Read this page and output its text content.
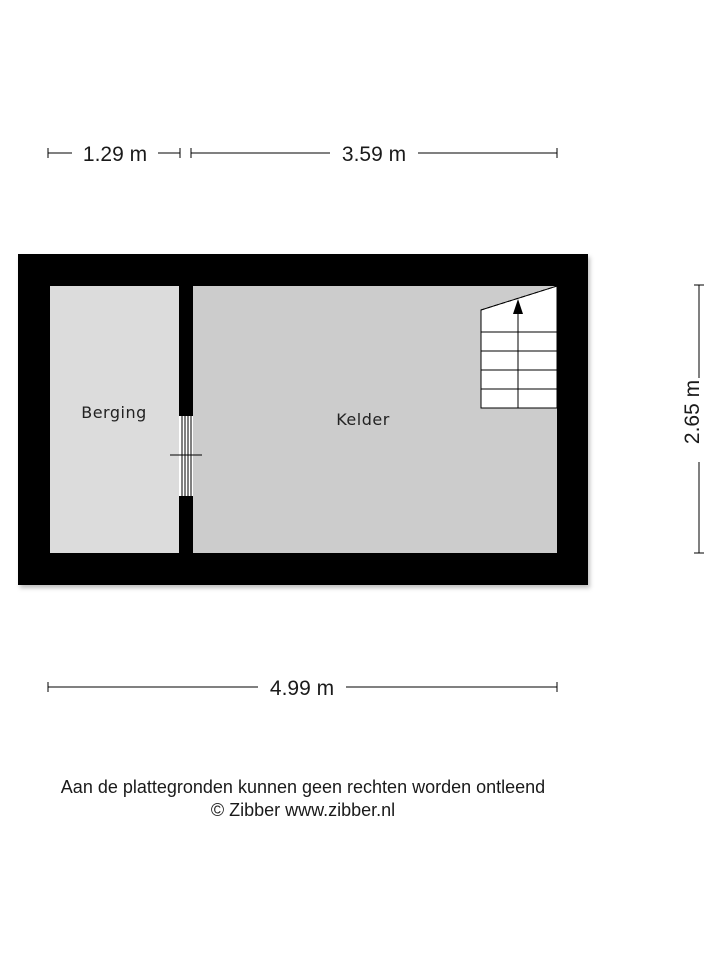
1.29 m	3.59 m
2.65 m
Berging	Kelder
4.99 m
Aan de plattegronden kunnen geen rechten worden ontleend
© Zibber www.zibber.nl
